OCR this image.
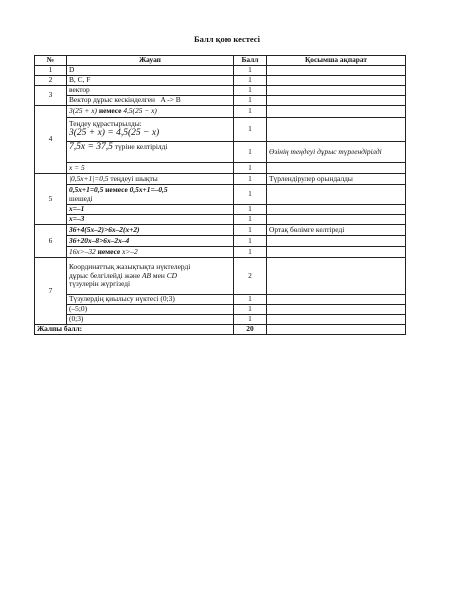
Балл қою кестесі
№	Жауап	Балл	Қосымша ақпарат
1	D	1	
2	B, C, F	1	
3	вектор	1	
	Вектор дұрыс кескінделген A -> B	1	
4	3(25 + x) немесе 4,5(25 − x)	1	

	Теңдеу құрастырылды:
3(25 + x) = 4,5(25 − x)	1	
	7,5x = 37,5 түріне келтірілді	1	Өзінің теңдеуі дұрыс түрлендірілді
	x = 5	1	
5	|0,5x+1|=0,5 теңдеуі шықты	1	Түрлендірулер орындалды
	0,5x+1=0,5 немесе 0,5x+1=–0,5
шешеді	1	
	x=–1	1	
	x=–3	1	
6	36+4(5x–2)>6x–2(x+2)	1	Ортақ бөлімге келтіреді
	36+20x–8>6x–2x–4	1	
	16x>–32 немесе x>–2	1	
7	Координаттық жазықтықта нүктелерді
дұрыс белгілейді және AB мен CD
түзулерін жүргізеді	2	
	Түзулердің қиылысу нүктесі (0;3)	1	
	(–5;0)	1	
	(0;3)	1	
Жалпы балл:		20	
